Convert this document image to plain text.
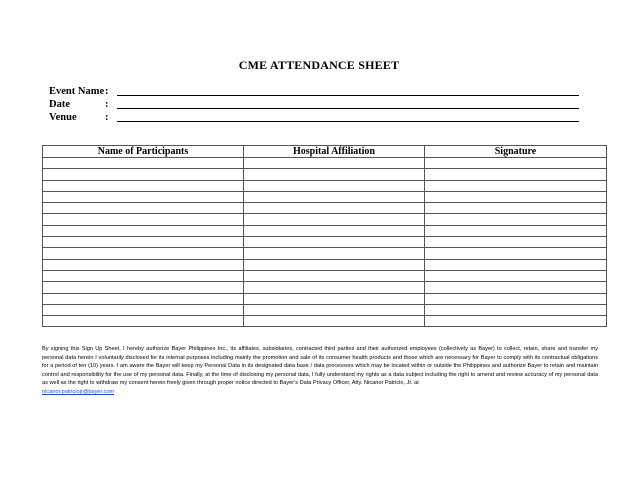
CME ATTENDANCE SHEET
Event Name :
Date	:
Venue	:
Name of Participants	Hospital Affiliation	Signature

By signing this Sign Up Sheet, I hereby authorize Bayer Philippines Inc., its affiliates, subsidiaries, contracted third parties and their authorized employees (collectively as Bayer) to collect, retain, share and transfer my personal data herein I voluntarily disclosed for its internal purposes including mainly the promotion and sale of its consumer health products and those which are necessary for Bayer to comply with its contractual obligations for a period of ten (10) years. I am aware the Bayer will keep my Personal Data in its designated data base / data processors which may be located within or outside the Philippines and authorize Bayer to retain and maintain control and responsibility for the use of my personal data. Finally, at the time of disclosing my personal data, I fully understand my rights as a data subject including the right to amend and review accuracy of my personal data as well as the right to withdraw my consent herein freely given through proper notice directed to Bayer's Data Privacy Officer, Atty. Nicanor Patricio, Jr. at
nicanor.patriciojr@bayer.com
